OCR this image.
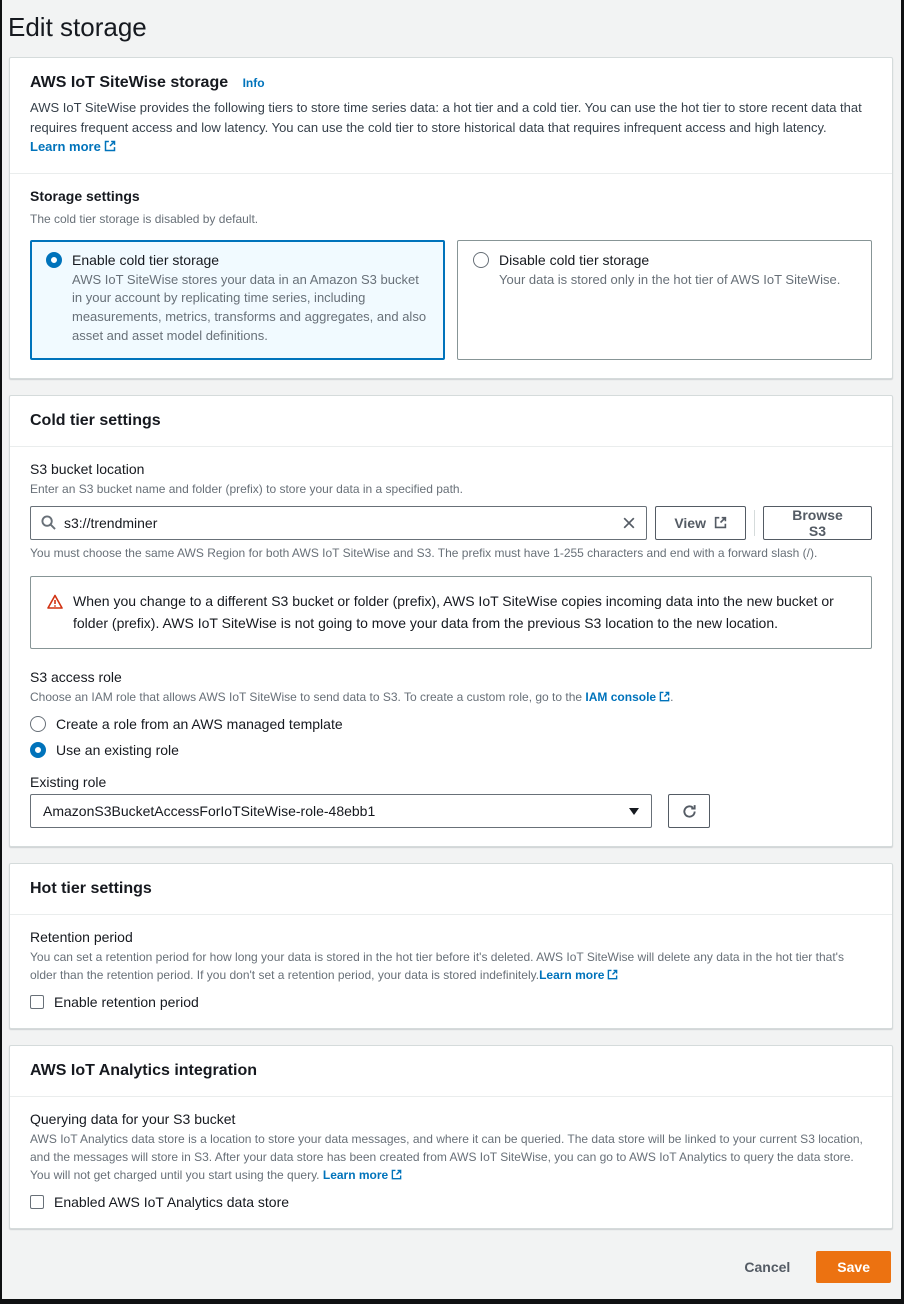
Edit storage
AWS IoT SiteWise storage Info
AWS IoT SiteWise provides the following tiers to store time series data: a hot tier and a cold tier. You can use the hot tier to store recent data that requires frequent access and low latency. You can use the cold tier to store historical data that requires infrequent access and high latency. Learn more
Storage settings
The cold tier storage is disabled by default.
Enable cold tier storage
AWS IoT SiteWise stores your data in an Amazon S3 bucket in your account by replicating time series, including measurements, metrics, transforms and aggregates, and also asset and asset model definitions.
Disable cold tier storage
Your data is stored only in the hot tier of AWS IoT SiteWise.
Cold tier settings
S3 bucket location
Enter an S3 bucket name and folder (prefix) to store your data in a specified path.
s3://trendminer
View	Browse S3
You must choose the same AWS Region for both AWS IoT SiteWise and S3. The prefix must have 1-255 characters and end with a forward slash (/).
When you change to a different S3 bucket or folder (prefix), AWS IoT SiteWise copies incoming data into the new bucket or folder (prefix). AWS IoT SiteWise is not going to move your data from the previous S3 location to the new location.
S3 access role
Choose an IAM role that allows AWS IoT SiteWise to send data to S3. To create a custom role, go to the IAM console .
Create a role from an AWS managed template
Use an existing role
Existing role
AmazonS3BucketAccessForIoTSiteWise-role-48ebb1
Hot tier settings
Retention period
You can set a retention period for how long your data is stored in the hot tier before it's deleted. AWS IoT SiteWise will delete any data in the hot tier that's older than the retention period. If you don't set a retention period, your data is stored indefinitely.Learn more
Enable retention period
AWS IoT Analytics integration
Querying data for your S3 bucket
AWS IoT Analytics data store is a location to store your data messages, and where it can be queried. The data store will be linked to your current S3 location, and the messages will store in S3. After your data store has been created from AWS IoT SiteWise, you can go to AWS IoT Analytics to query the data store. You will not get charged until you start using the query. Learn more
Enabled AWS IoT Analytics data store
Cancel	Save
